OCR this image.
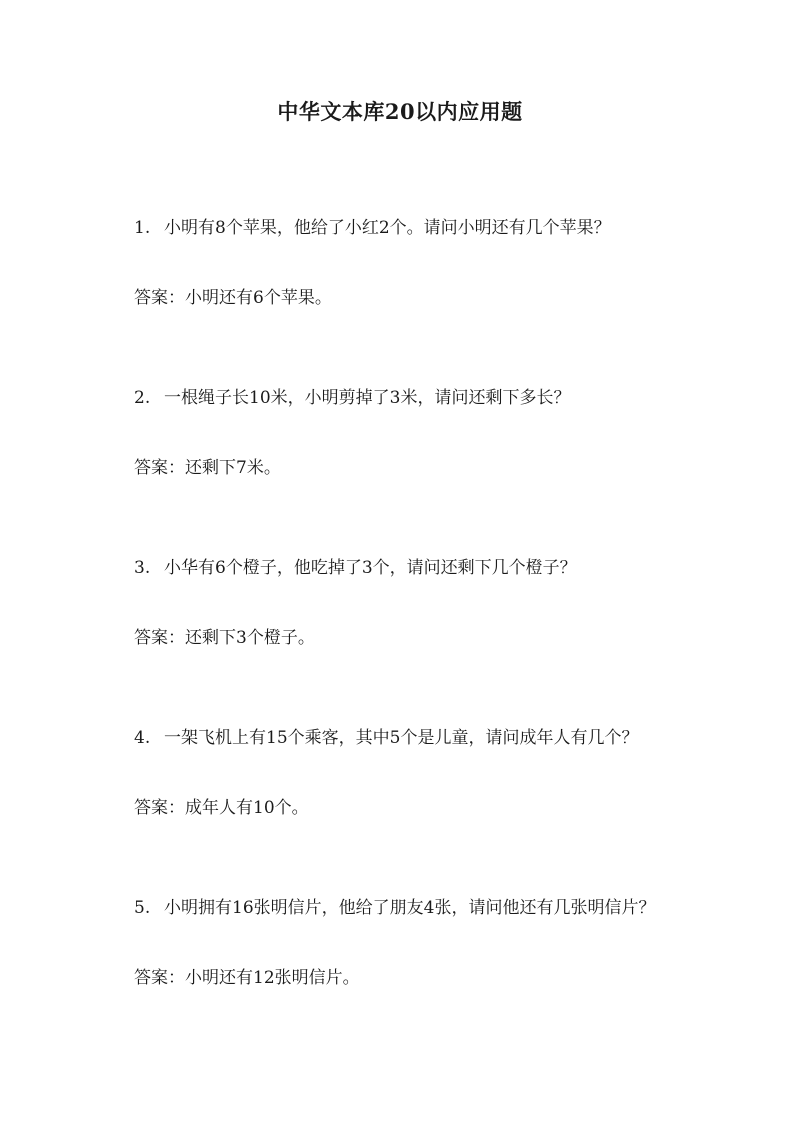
中华文本库20以内应用题
1. 小明有8个苹果，他给了小红2个。请问小明还有几个苹果？
答案：小明还有6个苹果。
2. 一根绳子长10米，小明剪掉了3米，请问还剩下多长？
答案：还剩下7米。
3. 小华有6个橙子，他吃掉了3个，请问还剩下几个橙子？
答案：还剩下3个橙子。
4. 一架飞机上有15个乘客，其中5个是儿童，请问成年人有几个？
答案：成年人有10个。
5. 小明拥有16张明信片，他给了朋友4张，请问他还有几张明信片？
答案：小明还有12张明信片。
